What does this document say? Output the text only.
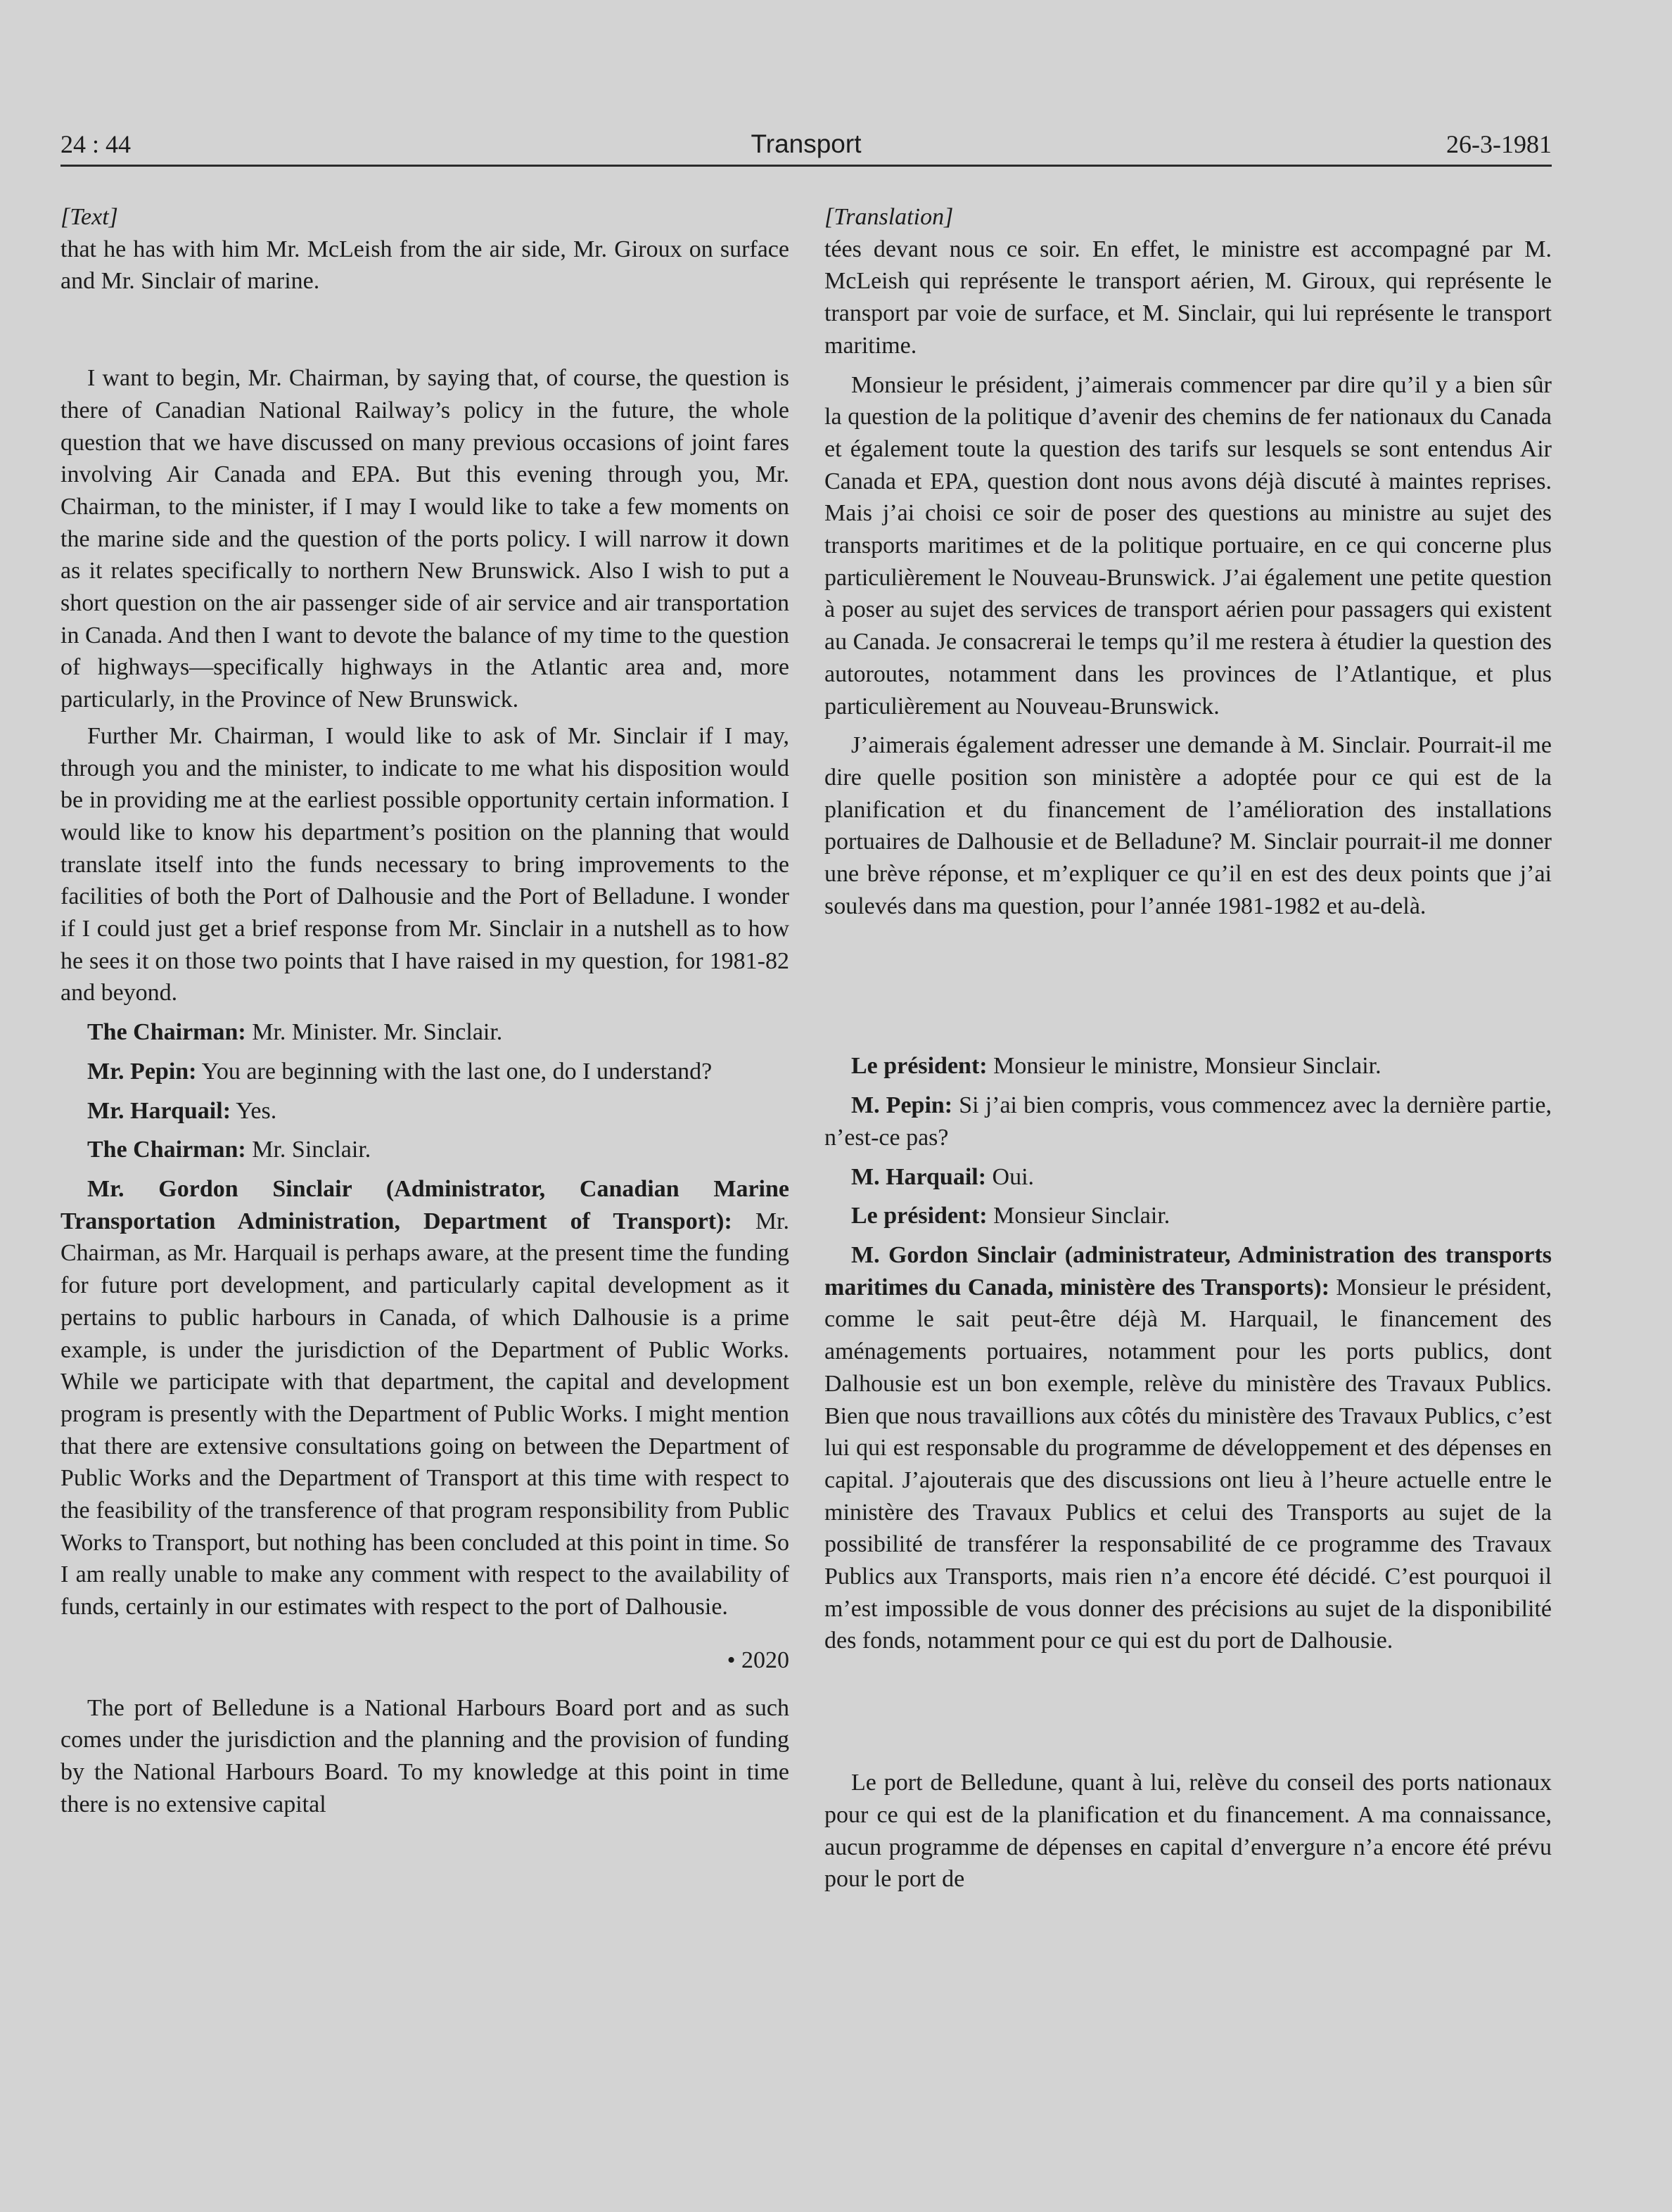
24 : 44	Transport	26-3-1981

[Text]

that he has with him Mr. McLeish from the air side, Mr. Giroux on surface and Mr. Sinclair of marine.

I want to begin, Mr. Chairman, by saying that, of course, the question is there of Canadian National Railway’s policy in the future, the whole question that we have discussed on many previous occasions of joint fares involving Air Canada and EPA. But this evening through you, Mr. Chairman, to the minister, if I may I would like to take a few moments on the marine side and the question of the ports policy. I will narrow it down as it relates specifically to northern New Brunswick. Also I wish to put a short question on the air passenger side of air service and air transportation in Canada. And then I want to devote the balance of my time to the question of highways—specifically highways in the Atlantic area and, more particularly, in the Province of New Brunswick.

Further Mr. Chairman, I would like to ask of Mr. Sinclair if I may, through you and the minister, to indicate to me what his disposition would be in providing me at the earliest possible opportunity certain information. I would like to know his department’s position on the planning that would translate itself into the funds necessary to bring improvements to the facilities of both the Port of Dalhousie and the Port of Belladune. I wonder if I could just get a brief response from Mr. Sinclair in a nutshell as to how he sees it on those two points that I have raised in my question, for 1981-82 and beyond.

The Chairman: Mr. Minister. Mr. Sinclair.

Mr. Pepin: You are beginning with the last one, do I understand?

Mr. Harquail: Yes.

The Chairman: Mr. Sinclair.

Mr. Gordon Sinclair (Administrator, Canadian Marine Transportation Administration, Department of Transport): Mr. Chairman, as Mr. Harquail is perhaps aware, at the present time the funding for future port development, and particularly capital development as it pertains to public harbours in Canada, of which Dalhousie is a prime example, is under the jurisdiction of the Department of Public Works. While we participate with that department, the capital and development program is presently with the Department of Public Works. I might mention that there are extensive consultations going on between the Department of Public Works and the Department of Transport at this time with respect to the feasibility of the transference of that program responsibility from Public Works to Transport, but nothing has been concluded at this point in time. So I am really unable to make any comment with respect to the availability of funds, certainly in our estimates with respect to the port of Dalhousie.

• 2020

The port of Belledune is a National Harbours Board port and as such comes under the jurisdiction and the planning and the provision of funding by the National Harbours Board. To my knowledge at this point in time there is no extensive capital

[Translation]

tées devant nous ce soir. En effet, le ministre est accompagné par M. McLeish qui représente le transport aérien, M. Giroux, qui représente le transport par voie de surface, et M. Sinclair, qui lui représente le transport maritime.

Monsieur le président, j’aimerais commencer par dire qu’il y a bien sûr la question de la politique d’avenir des chemins de fer nationaux du Canada et également toute la question des tarifs sur lesquels se sont entendus Air Canada et EPA, question dont nous avons déjà discuté à maintes reprises. Mais j’ai choisi ce soir de poser des questions au ministre au sujet des transports maritimes et de la politique portuaire, en ce qui concerne plus particulièrement le Nouveau-Brunswick. J’ai également une petite question à poser au sujet des services de transport aérien pour passagers qui existent au Canada. Je consacrerai le temps qu’il me restera à étudier la question des autoroutes, notamment dans les provinces de l’Atlantique, et plus particulièrement au Nouveau-Brunswick.

J’aimerais également adresser une demande à M. Sinclair. Pourrait-il me dire quelle position son ministère a adoptée pour ce qui est de la planification et du financement de l’amélioration des installations portuaires de Dalhousie et de Belladune? M. Sinclair pourrait-il me donner une brève réponse, et m’expliquer ce qu’il en est des deux points que j’ai soulevés dans ma question, pour l’année 1981-1982 et au-delà.

Le président: Monsieur le ministre, Monsieur Sinclair.

M. Pepin: Si j’ai bien compris, vous commencez avec la dernière partie, n’est-ce pas?

M. Harquail: Oui.

Le président: Monsieur Sinclair.

M. Gordon Sinclair (administrateur, Administration des transports maritimes du Canada, ministère des Transports): Monsieur le président, comme le sait peut-être déjà M. Harquail, le financement des aménagements portuaires, notamment pour les ports publics, dont Dalhousie est un bon exemple, relève du ministère des Travaux Publics. Bien que nous travaillions aux côtés du ministère des Travaux Publics, c’est lui qui est responsable du programme de développement et des dépenses en capital. J’ajouterais que des discussions ont lieu à l’heure actuelle entre le ministère des Travaux Publics et celui des Transports au sujet de la possibilité de transférer la responsabilité de ce programme des Travaux Publics aux Transports, mais rien n’a encore été décidé. C’est pourquoi il m’est impossible de vous donner des précisions au sujet de la disponibilité des fonds, notamment pour ce qui est du port de Dalhousie.

Le port de Belledune, quant à lui, relève du conseil des ports nationaux pour ce qui est de la planification et du financement. A ma connaissance, aucun programme de dépenses en capital d’envergure n’a encore été prévu pour le port de
